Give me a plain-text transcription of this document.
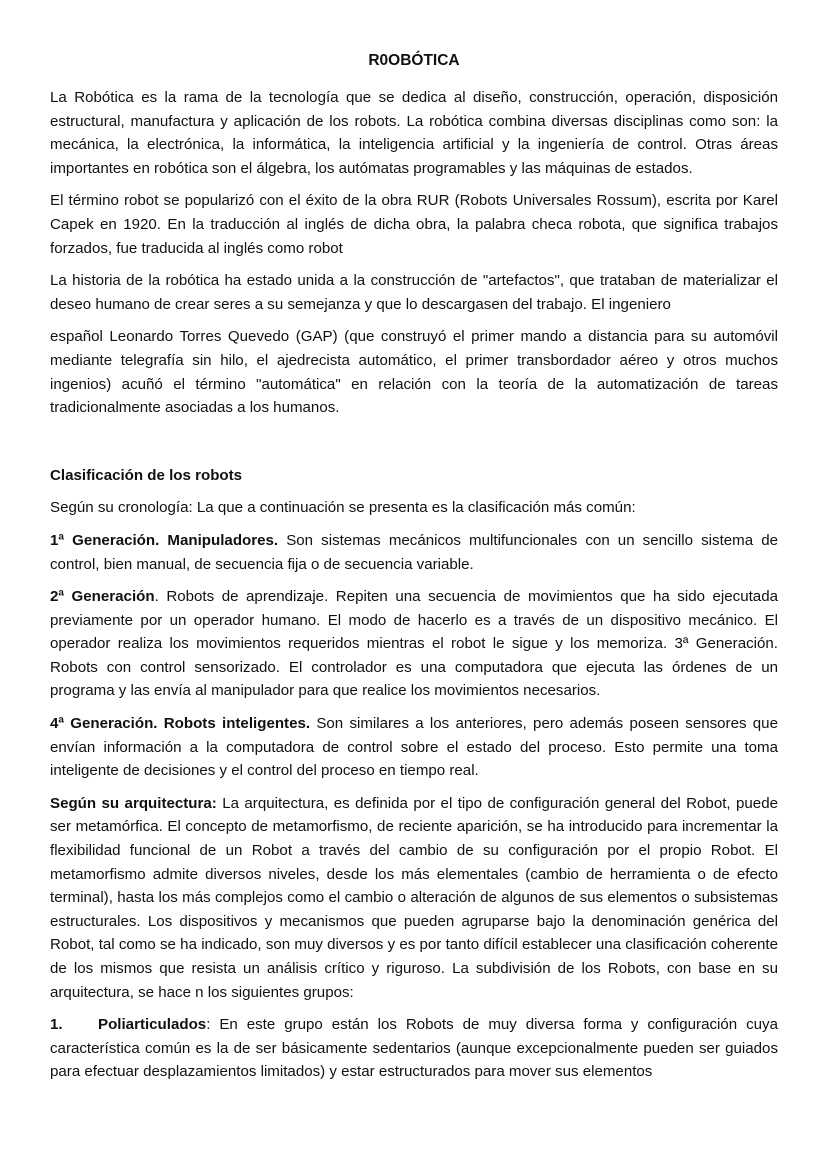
R0OBÓTICA

La Robótica es la rama de la tecnología que se dedica al diseño, construcción, operación, disposición estructural, manufactura y aplicación de los robots. La robótica combina diversas disciplinas como son: la mecánica, la electrónica, la informática, la inteligencia artificial y la ingeniería de control. Otras áreas importantes en robótica son el álgebra, los autómatas programables y las máquinas de estados.

El término robot se popularizó con el éxito de la obra RUR (Robots Universales Rossum), escrita por Karel Capek en 1920. En la traducción al inglés de dicha obra, la palabra checa robota, que significa trabajos forzados, fue traducida al inglés como robot

La historia de la robótica ha estado unida a la construcción de "artefactos", que trataban de materializar el deseo humano de crear seres a su semejanza y que lo descargasen del trabajo. El ingeniero

español Leonardo Torres Quevedo (GAP) (que construyó el primer mando a distancia para su automóvil mediante telegrafía sin hilo, el ajedrecista automático, el primer transbordador aéreo y otros muchos ingenios) acuñó el término "automática" en relación con la teoría de la automatización de tareas tradicionalmente asociadas a los humanos.

Clasificación de los robots

Según su cronología: La que a continuación se presenta es la clasificación más común:

1ª Generación. Manipuladores. Son sistemas mecánicos multifuncionales con un sencillo sistema de control, bien manual, de secuencia fija o de secuencia variable.

2ª Generación. Robots de aprendizaje. Repiten una secuencia de movimientos que ha sido ejecutada previamente por un operador humano. El modo de hacerlo es a través de un dispositivo mecánico. El operador realiza los movimientos requeridos mientras el robot le sigue y los memoriza. 3ª Generación. Robots con control sensorizado. El controlador es una computadora que ejecuta las órdenes de un programa y las envía al manipulador para que realice los movimientos necesarios.

4ª Generación. Robots inteligentes. Son similares a los anteriores, pero además poseen sensores que envían información a la computadora de control sobre el estado del proceso. Esto permite una toma inteligente de decisiones y el control del proceso en tiempo real.

Según su arquitectura: La arquitectura, es definida por el tipo de configuración general del Robot, puede ser metamórfica. El concepto de metamorfismo, de reciente aparición, se ha introducido para incrementar la flexibilidad funcional de un Robot a través del cambio de su configuración por el propio Robot. El metamorfismo admite diversos niveles, desde los más elementales (cambio de herramienta o de efecto terminal), hasta los más complejos como el cambio o alteración de algunos de sus elementos o subsistemas estructurales. Los dispositivos y mecanismos que pueden agruparse bajo la denominación genérica del Robot, tal como se ha indicado, son muy diversos y es por tanto difícil establecer una clasificación coherente de los mismos que resista un análisis crítico y riguroso. La subdivisión de los Robots, con base en su arquitectura, se hace n los siguientes grupos:

1. Poliarticulados: En este grupo están los Robots de muy diversa forma y configuración cuya característica común es la de ser básicamente sedentarios (aunque excepcionalmente pueden ser guiados para efectuar desplazamientos limitados) y estar estructurados para mover sus elementos
